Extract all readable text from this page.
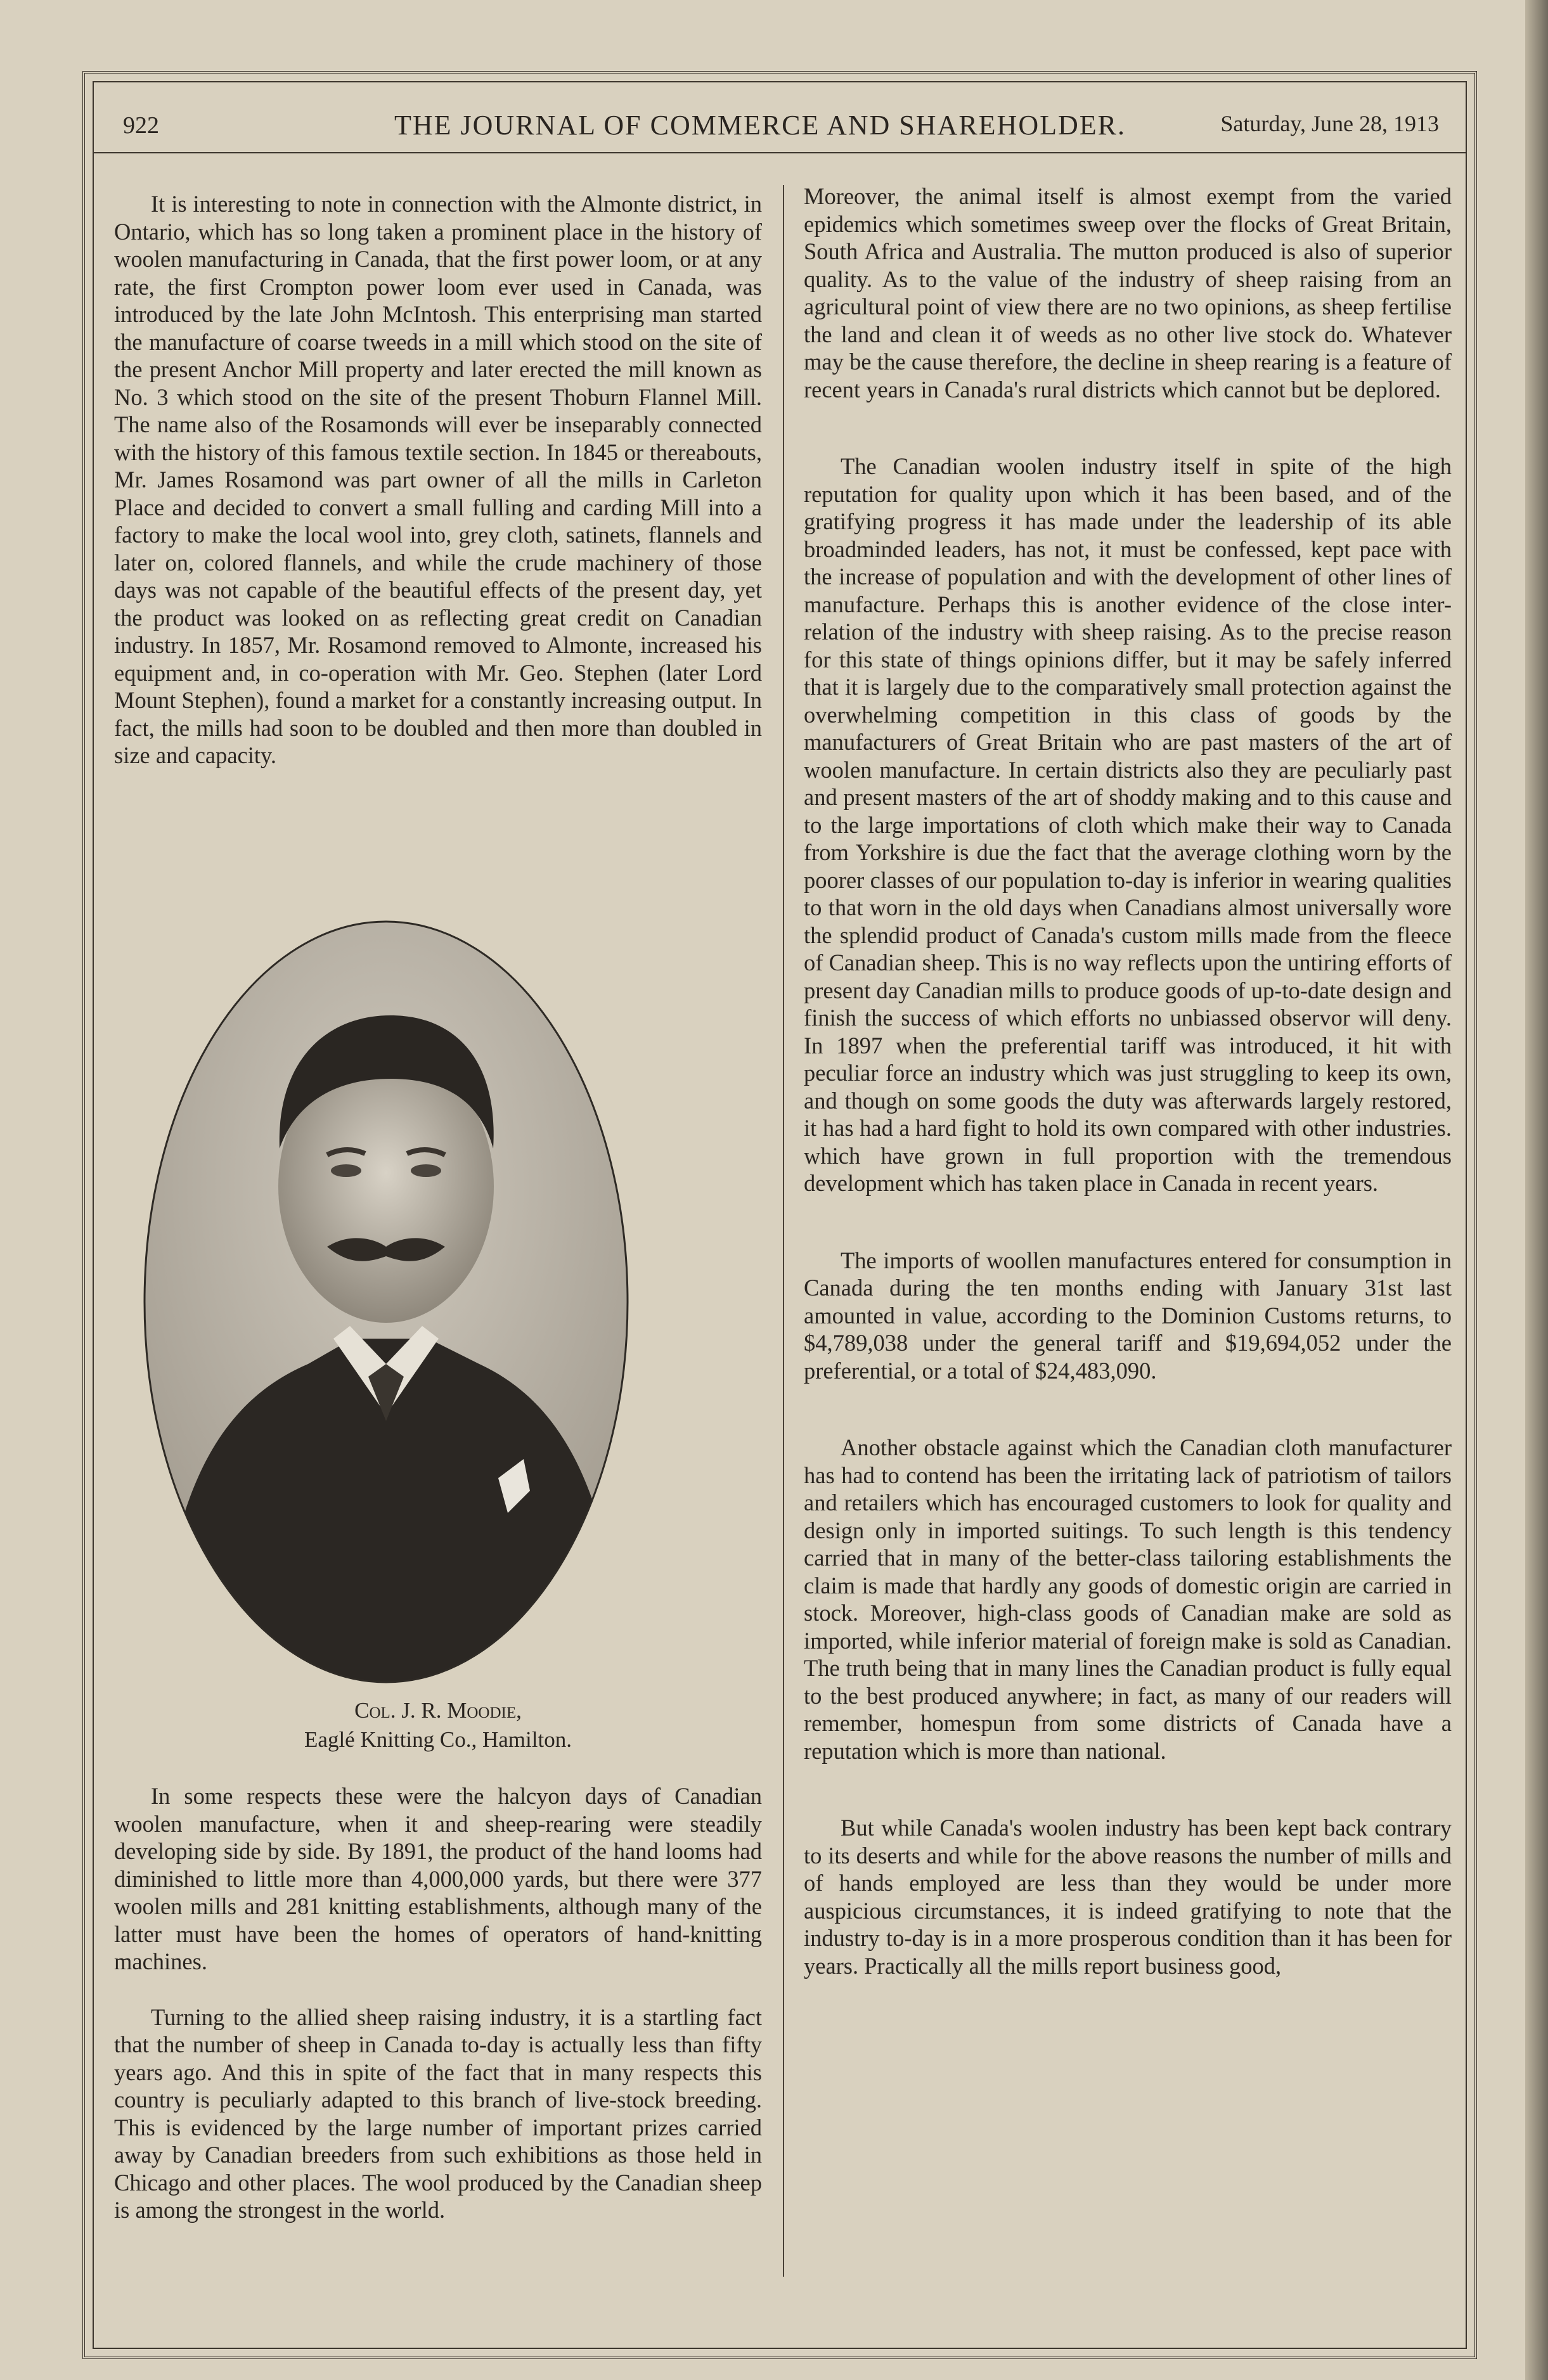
922	THE JOURNAL OF COMMERCE AND SHAREHOLDER.	Saturday, June 28, 1913

It is interesting to note in connection with the Almonte district, in Ontario, which has so long taken a prominent place in the history of woolen manufacturing in Canada, that the first power loom, or at any rate, the first Crompton power loom ever used in Canada, was introduced by the late John McIntosh. This enterprising man started the manufacture of coarse tweeds in a mill which stood on the site of the present Anchor Mill property and later erected the mill known as No. 3 which stood on the site of the present Thoburn Flannel Mill. The name also of the Rosamonds will ever be inseparably connected with the history of this famous textile section. In 1845 or thereabouts, Mr. James Rosamond was part owner of all the mills in Carleton Place and decided to convert a small fulling and carding Mill into a factory to make the local wool into, grey cloth, satinets, flannels and later on, colored flannels, and while the crude machinery of those days was not capable of the beautiful effects of the present day, yet the product was looked on as reflecting great credit on Canadian industry. In 1857, Mr. Rosamond removed to Almonte, increased his equipment and, in co-operation with Mr. Geo. Stephen (later Lord Mount Stephen), found a market for a constantly increasing output. In fact, the mills had soon to be doubled and then more than doubled in size and capacity.

Col. J. R. Moodie,
Eaglé Knitting Co., Hamilton.

In some respects these were the halcyon days of Canadian woolen manufacture, when it and sheep-rearing were steadily developing side by side. By 1891, the product of the hand looms had diminished to little more than 4,000,000 yards, but there were 377 woolen mills and 281 knitting establishments, although many of the latter must have been the homes of operators of hand-knitting machines.

Turning to the allied sheep raising industry, it is a startling fact that the number of sheep in Canada to-day is actually less than fifty years ago. And this in spite of the fact that in many respects this country is peculiarly adapted to this branch of live-stock breeding. This is evidenced by the large number of important prizes carried away by Canadian breeders from such exhibitions as those held in Chicago and other places. The wool produced by the Canadian sheep is among the strongest in the world.

Moreover, the animal itself is almost exempt from the varied epidemics which sometimes sweep over the flocks of Great Britain, South Africa and Australia. The mutton produced is also of superior quality. As to the value of the industry of sheep raising from an agricultural point of view there are no two opinions, as sheep fertilise the land and clean it of weeds as no other live stock do. Whatever may be the cause therefore, the decline in sheep rearing is a feature of recent years in Canada's rural districts which cannot but be deplored.

The Canadian woolen industry itself in spite of the high reputation for quality upon which it has been based, and of the gratifying progress it has made under the leadership of its able broadminded leaders, has not, it must be confessed, kept pace with the increase of population and with the development of other lines of manufacture. Perhaps this is another evidence of the close inter-relation of the industry with sheep raising. As to the precise reason for this state of things opinions differ, but it may be safely inferred that it is largely due to the comparatively small protection against the overwhelming competition in this class of goods by the manufacturers of Great Britain who are past masters of the art of woolen manufacture. In certain districts also they are peculiarly past and present masters of the art of shoddy making and to this cause and to the large importations of cloth which make their way to Canada from Yorkshire is due the fact that the average clothing worn by the poorer classes of our population to-day is inferior in wearing qualities to that worn in the old days when Canadians almost universally wore the splendid product of Canada's custom mills made from the fleece of Canadian sheep. This is no way reflects upon the untiring efforts of present day Canadian mills to produce goods of up-to-date design and finish the success of which efforts no unbiassed observor will deny. In 1897 when the preferential tariff was introduced, it hit with peculiar force an industry which was just struggling to keep its own, and though on some goods the duty was afterwards largely restored, it has had a hard fight to hold its own compared with other industries. which have grown in full proportion with the tremendous development which has taken place in Canada in recent years.

The imports of woollen manufactures entered for consumption in Canada during the ten months ending with January 31st last amounted in value, according to the Dominion Customs returns, to $4,789,038 under the general tariff and $19,694,052 under the preferential, or a total of $24,483,090.

Another obstacle against which the Canadian cloth manufacturer has had to contend has been the irritating lack of patriotism of tailors and retailers which has encouraged customers to look for quality and design only in imported suitings. To such length is this tendency carried that in many of the better-class tailoring establishments the claim is made that hardly any goods of domestic origin are carried in stock. Moreover, high-class goods of Canadian make are sold as imported, while inferior material of foreign make is sold as Canadian. The truth being that in many lines the Canadian product is fully equal to the best produced anywhere; in fact, as many of our readers will remember, homespun from some districts of Canada have a reputation which is more than national.

But while Canada's woolen industry has been kept back contrary to its deserts and while for the above reasons the number of mills and of hands employed are less than they would be under more auspicious circumstances, it is indeed gratifying to note that the industry to-day is in a more prosperous condition than it has been for years. Practically all the mills report business good,
